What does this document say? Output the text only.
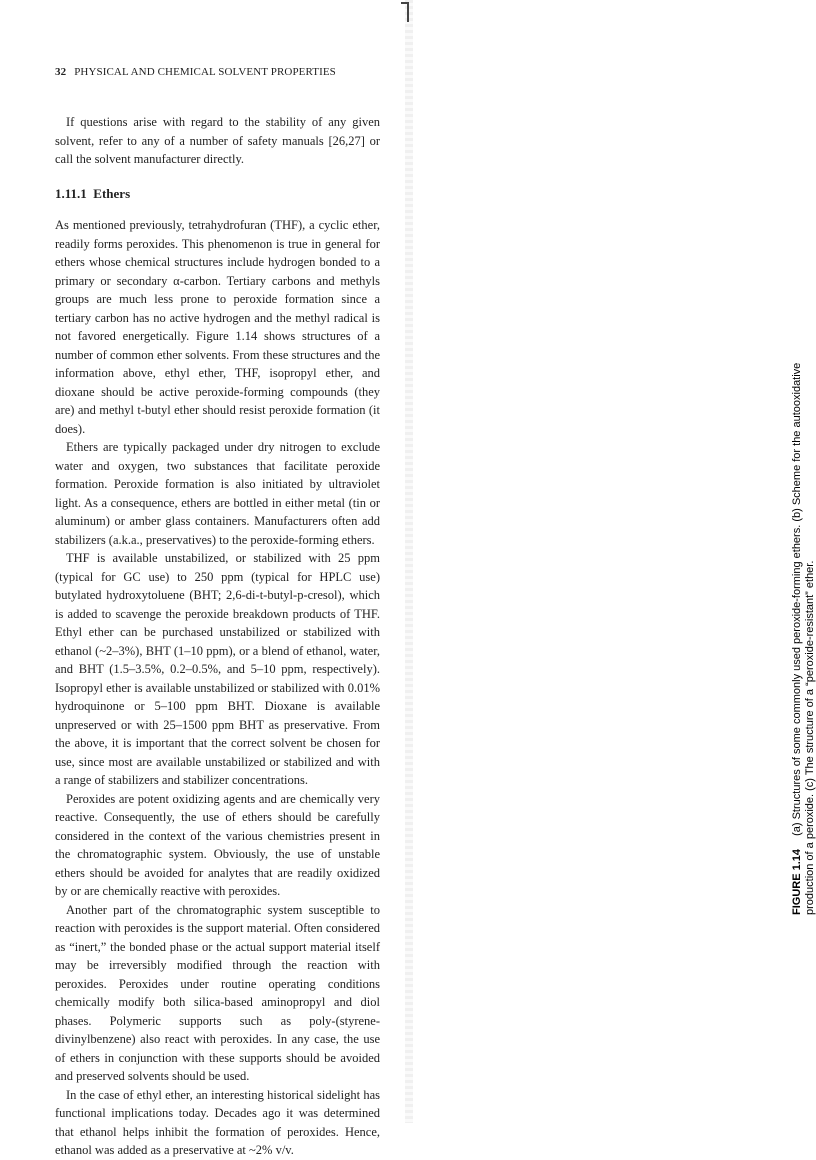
32 PHYSICAL AND CHEMICAL SOLVENT PROPERTIES

If questions arise with regard to the stability of any given solvent, refer to any of a number of safety manuals [26,27] or call the solvent manufacturer directly.

1.11.1 Ethers

As mentioned previously, tetrahydrofuran (THF), a cyclic ether, readily forms peroxides. This phenomenon is true in general for ethers whose chemical structures include hydrogen bonded to a primary or secondary α-carbon. Tertiary carbons and methyls groups are much less prone to peroxide formation since a tertiary carbon has no active hydrogen and the methyl radical is not favored energetically. Figure 1.14 shows structures of a number of common ether solvents. From these structures and the information above, ethyl ether, THF, isopropyl ether, and dioxane should be active peroxide-forming compounds (they are) and methyl t-butyl ether should resist peroxide formation (it does).

Ethers are typically packaged under dry nitrogen to exclude water and oxygen, two substances that facilitate peroxide formation. Peroxide formation is also initiated by ultraviolet light. As a consequence, ethers are bottled in either metal (tin or aluminum) or amber glass containers. Manufacturers often add stabilizers (a.k.a., preservatives) to the peroxide-forming ethers.

THF is available unstabilized, or stabilized with 25 ppm (typical for GC use) to 250 ppm (typical for HPLC use) butylated hydroxytoluene (BHT; 2,6-di-t-butyl-p-cresol), which is added to scavenge the peroxide breakdown products of THF. Ethyl ether can be purchased unstabilized or stabilized with ethanol (~2–3%), BHT (1–10 ppm), or a blend of ethanol, water, and BHT (1.5–3.5%, 0.2–0.5%, and 5–10 ppm, respectively). Isopropyl ether is available unstabilized or stabilized with 0.01% hydroquinone or 5–100 ppm BHT. Dioxane is available unpreserved or with 25–1500 ppm BHT as preservative. From the above, it is important that the correct solvent be chosen for use, since most are available unstabilized or stabilized and with a range of stabilizers and stabilizer concentrations.

Peroxides are potent oxidizing agents and are chemically very reactive. Consequently, the use of ethers should be carefully considered in the context of the various chemistries present in the chromatographic system. Obviously, the use of unstable ethers should be avoided for analytes that are readily oxidized by or are chemically reactive with peroxides.

Another part of the chromatographic system susceptible to reaction with peroxides is the support material. Often considered as “inert,” the bonded phase or the actual support material itself may be irreversibly modified through the reaction with peroxides. Peroxides under routine operating conditions chemically modify both silica-based aminopropyl and diol phases. Polymeric supports such as poly-(styrene-divinylbenzene) also react with peroxides. In any case, the use of ethers in conjunction with these supports should be avoided and preserved solvents should be used.

In the case of ethyl ether, an interesting historical sidelight has functional implications today. Decades ago it was determined that ethanol helps inhibit the formation of peroxides. Hence, ethanol was added as a preservative at ~2% v/v.

FIGURE 1.14 (a) Structures of some commonly used peroxide-forming ethers. (b) Scheme for the autooxidative production of a peroxide. (c) The structure of a “peroxide-resistant” ether.
